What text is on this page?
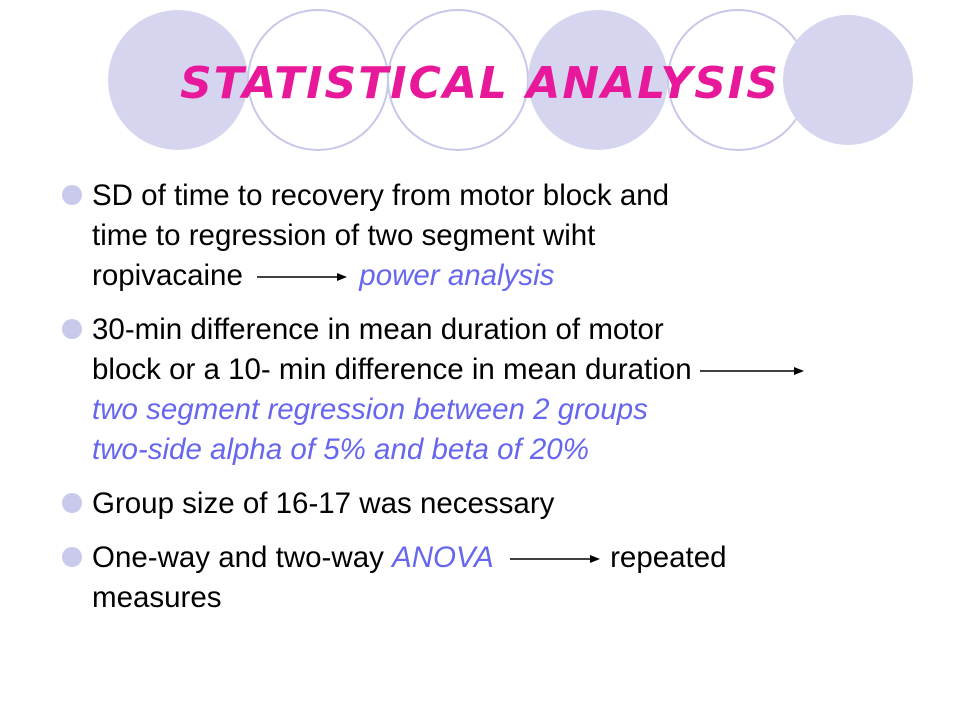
STATISTICAL ANALYSIS
SD of time to recovery from motor block and
time to regression of two segment wiht
ropivacaine	power analysis
30-min difference in mean duration of motor
block or a 10- min difference in mean duration
two segment regression between 2 groups
two-side alpha of 5% and beta of 20%
Group size of 16-17 was necessary
One-way and two-way ANOVA	repeated
measures
